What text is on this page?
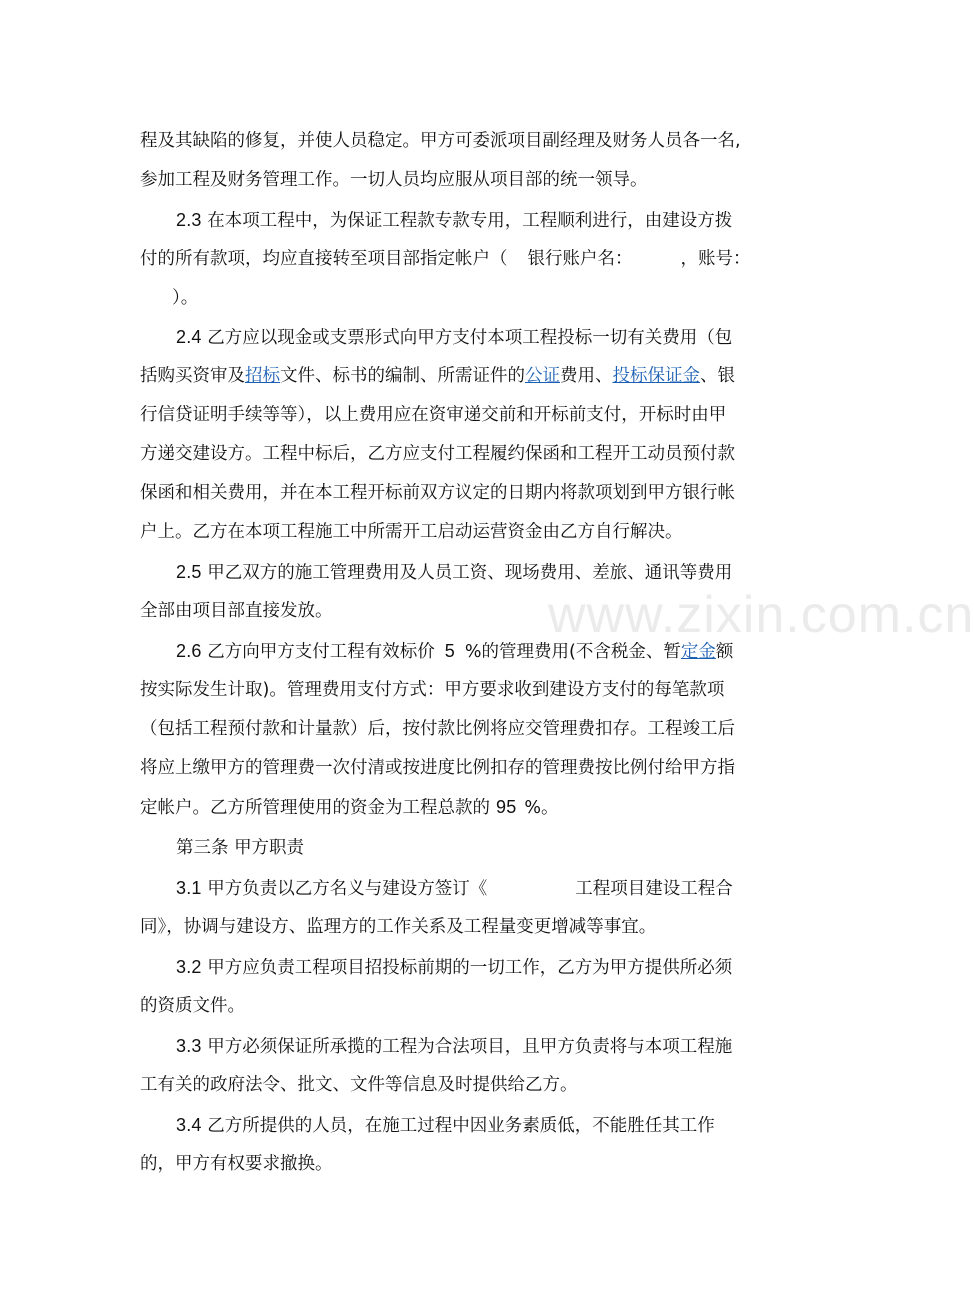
www.zixin.com.cn
程及其缺陷的修复，并使人员稳定。甲方可委派项目副经理及财务人员各一名,
参加工程及财务管理工作。一切人员均应服从项目部的统一领导。
2.3 在本项工程中，为保证工程款专款专用，工程顺利进行，由建设方拨
付的所有款项，均应直接转至项目部指定帐户（ 银行账户名：	，账号：
）。
2.4 乙方应以现金或支票形式向甲方支付本项工程投标一切有关费用（包
括购买资审及招标文件、标书的编制、所需证件的公证费用、投标保证金、银
行信贷证明手续等等），以上费用应在资审递交前和开标前支付，开标时由甲
方递交建设方。工程中标后，乙方应支付工程履约保函和工程开工动员预付款
保函和相关费用，并在本工程开标前双方议定的日期内将款项划到甲方银行帐
户上。乙方在本项工程施工中所需开工启动运营资金由乙方自行解决。
2.5 甲乙双方的施工管理费用及人员工资、现场费用、差旅、通讯等费用
全部由项目部直接发放。
2.6 乙方向甲方支付工程有效标价 5 %的管理费用(不含税金、暂定金额
按实际发生计取)。管理费用支付方式：甲方要求收到建设方支付的每笔款项
（包括工程预付款和计量款）后，按付款比例将应交管理费扣存。工程竣工后
将应上缴甲方的管理费一次付清或按进度比例扣存的管理费按比例付给甲方指
定帐户。乙方所管理使用的资金为工程总款的 95 %。
第三条 甲方职责
3.1 甲方负责以乙方名义与建设方签订《	工程项目建设工程合
同》，协调与建设方、监理方的工作关系及工程量变更增减等事宜。
3.2 甲方应负责工程项目招投标前期的一切工作，乙方为甲方提供所必须
的资质文件。
3.3 甲方必须保证所承揽的工程为合法项目，且甲方负责将与本项工程施
工有关的政府法令、批文、文件等信息及时提供给乙方。
3.4 乙方所提供的人员，在施工过程中因业务素质低，不能胜任其工作
的，甲方有权要求撤换。
